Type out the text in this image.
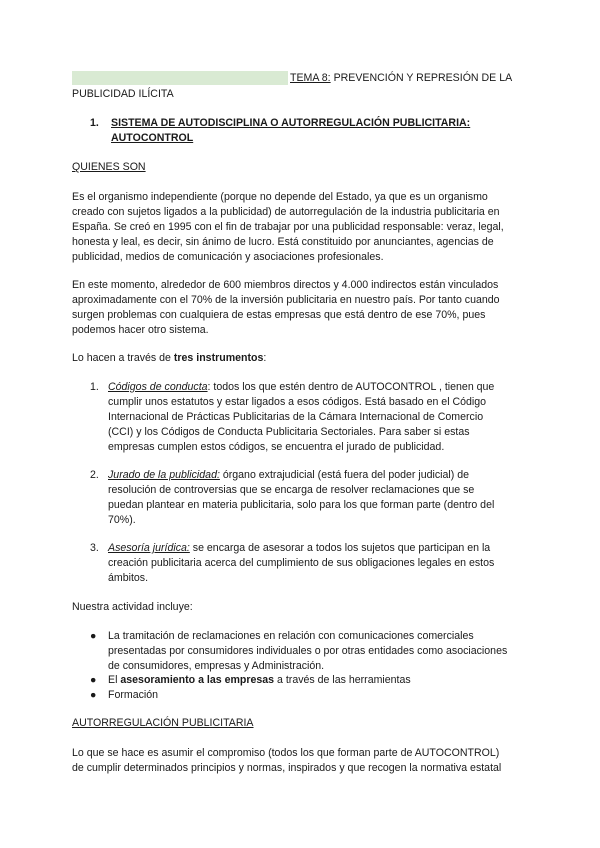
TEMA 8: PREVENCIÓN Y REPRESIÓN DE LA
PUBLICIDAD ILÍCITA
1. SISTEMA DE AUTODISCIPLINA O AUTORREGULACIÓN PUBLICITARIA:
AUTOCONTROL
QUIENES SON

Es el organismo independiente (porque no depende del Estado, ya que es un organismo

creado con sujetos ligados a la publicidad) de autorregulación de la industria publicitaria en

España. Se creó en 1995 con el fin de trabajar por una publicidad responsable: veraz, legal,

honesta y leal, es decir, sin ánimo de lucro. Está constituido por anunciantes, agencias de

publicidad, medios de comunicación y asociaciones profesionales.

En este momento, alrededor de 600 miembros directos y 4.000 indirectos están vinculados

aproximadamente con el 70% de la inversión publicitaria en nuestro país. Por tanto cuando

surgen problemas con cualquiera de estas empresas que está dentro de ese 70%, pues

podemos hacer otro sistema.

Lo hacen a través de tres instrumentos:
1. Códigos de conducta: todos los que estén dentro de AUTOCONTROL , tienen que

cumplir unos estatutos y estar ligados a esos códigos. Está basado en el Código

Internacional de Prácticas Publicitarias de la Cámara Internacional de Comercio

(CCI) y los Códigos de Conducta Publicitaria Sectoriales. Para saber si estas

empresas cumplen estos códigos, se encuentra el jurado de publicidad.

2. Jurado de la publicidad: órgano extrajudicial (está fuera del poder judicial) de

resolución de controversias que se encarga de resolver reclamaciones que se

puedan plantear en materia publicitaria, solo para los que forman parte (dentro del

70%).

3. Asesoría jurídica: se encarga de asesorar a todos los sujetos que participan en la

creación publicitaria acerca del cumplimiento de sus obligaciones legales en estos

ámbitos.

Nuestra actividad incluye:
● La tramitación de reclamaciones en relación con comunicaciones comerciales

presentadas por consumidores individuales o por otras entidades como asociaciones

de consumidores, empresas y Administración.

● El asesoramiento a las empresas a través de las herramientas
● Formación
AUTORREGULACIÓN PUBLICITARIA

Lo que se hace es asumir el compromiso (todos los que forman parte de AUTOCONTROL)

de cumplir determinados principios y normas, inspirados y que recogen la normativa estatal
